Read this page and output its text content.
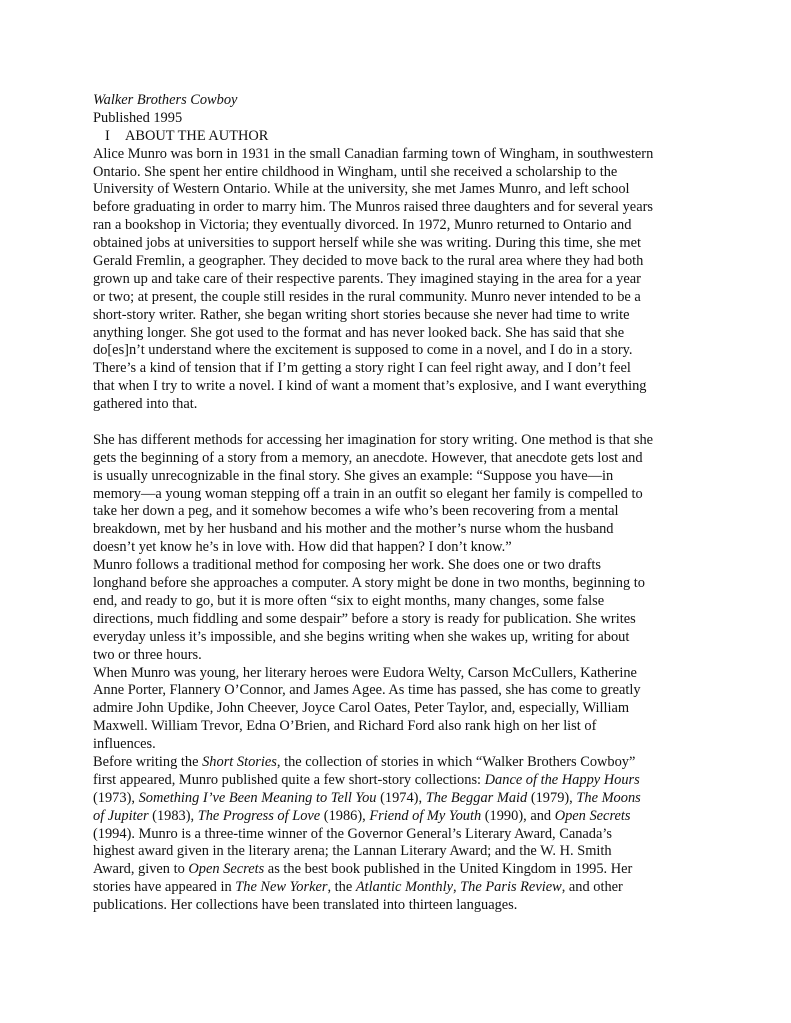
Walker Brothers Cowboy
Published 1995
I ABOUT THE AUTHOR
Alice Munro was born in 1931 in the small Canadian farming town of Wingham, in southwestern
Ontario. She spent her entire childhood in Wingham, until she received a scholarship to the
University of Western Ontario. While at the university, she met James Munro, and left school
before graduating in order to marry him. The Munros raised three daughters and for several years
ran a bookshop in Victoria; they eventually divorced. In 1972, Munro returned to Ontario and
obtained jobs at universities to support herself while she was writing. During this time, she met
Gerald Fremlin, a geographer. They decided to move back to the rural area where they had both
grown up and take care of their respective parents. They imagined staying in the area for a year
or two; at present, the couple still resides in the rural community. Munro never intended to be a
short-story writer. Rather, she began writing short stories because she never had time to write
anything longer. She got used to the format and has never looked back. She has said that she
do[es]n’t understand where the excitement is supposed to come in a novel, and I do in a story.
There’s a kind of tension that if I’m getting a story right I can feel right away, and I don’t feel
that when I try to write a novel. I kind of want a moment that’s explosive, and I want everything
gathered into that.
She has different methods for accessing her imagination for story writing. One method is that she
gets the beginning of a story from a memory, an anecdote. However, that anecdote gets lost and
is usually unrecognizable in the final story. She gives an example: “Suppose you have—in
memory—a young woman stepping off a train in an outfit so elegant her family is compelled to
take her down a peg, and it somehow becomes a wife who’s been recovering from a mental
breakdown, met by her husband and his mother and the mother’s nurse whom the husband
doesn’t yet know he’s in love with. How did that happen? I don’t know.”
Munro follows a traditional method for composing her work. She does one or two drafts
longhand before she approaches a computer. A story might be done in two months, beginning to
end, and ready to go, but it is more often “six to eight months, many changes, some false
directions, much fiddling and some despair” before a story is ready for publication. She writes
everyday unless it’s impossible, and she begins writing when she wakes up, writing for about
two or three hours.
When Munro was young, her literary heroes were Eudora Welty, Carson McCullers, Katherine
Anne Porter, Flannery O’Connor, and James Agee. As time has passed, she has come to greatly
admire John Updike, John Cheever, Joyce Carol Oates, Peter Taylor, and, especially, William
Maxwell. William Trevor, Edna O’Brien, and Richard Ford also rank high on her list of
influences.
Before writing the Short Stories, the collection of stories in which “Walker Brothers Cowboy”
first appeared, Munro published quite a few short-story collections: Dance of the Happy Hours
(1973), Something I’ve Been Meaning to Tell You (1974), The Beggar Maid (1979), The Moons
of Jupiter (1983), The Progress of Love (1986), Friend of My Youth (1990), and Open Secrets
(1994). Munro is a three-time winner of the Governor General’s Literary Award, Canada’s
highest award given in the literary arena; the Lannan Literary Award; and the W. H. Smith
Award, given to Open Secrets as the best book published in the United Kingdom in 1995. Her
stories have appeared in The New Yorker, the Atlantic Monthly, The Paris Review, and other
publications. Her collections have been translated into thirteen languages.
